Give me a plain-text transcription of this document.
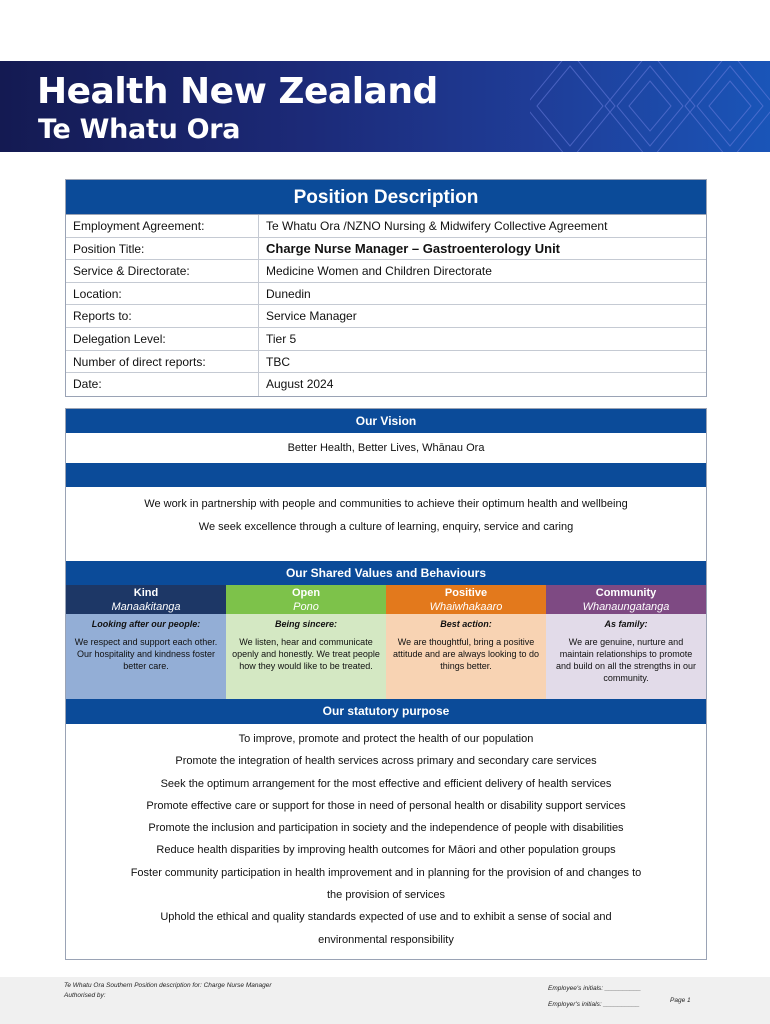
Health New Zealand
Te Whatu Ora
Position Description
Employment Agreement:	Te Whatu Ora /NZNO Nursing & Midwifery Collective Agreement
Position Title:	Charge Nurse Manager – Gastroenterology Unit
Service & Directorate:	Medicine Women and Children Directorate
Location:	Dunedin
Reports to:	Service Manager
Delegation Level:	Tier 5
Number of direct reports:	TBC
Date:	August 2024
Our Vision
Better Health, Better Lives, Whānau Ora
We work in partnership with people and communities to achieve their optimum health and wellbeing
We seek excellence through a culture of learning, enquiry, service and caring
Our Shared Values and Behaviours
Kind
Manaakitanga
Looking after our people:
We respect and support each other. Our hospitality and kindness foster better care.
Open
Pono
Being sincere:
We listen, hear and communicate openly and honestly. We treat people how they would like to be treated.
Positive
Whaiwhakaaro
Best action:
We are thoughtful, bring a positive attitude and are always looking to do things better.
Community
Whanaungatanga
As family:
We are genuine, nurture and maintain relationships to promote and build on all the strengths in our community.
Our statutory purpose
To improve, promote and protect the health of our population
Promote the integration of health services across primary and secondary care services
Seek the optimum arrangement for the most effective and efficient delivery of health services
Promote effective care or support for those in need of personal health or disability support services
Promote the inclusion and participation in society and the independence of people with disabilities
Reduce health disparities by improving health outcomes for Māori and other population groups
Foster community participation in health improvement and in planning for the provision of and changes to the provision of services
Uphold the ethical and quality standards expected of use and to exhibit a sense of social and environmental responsibility
Te Whatu Ora Southern Position description for: Charge Nurse Manager
Authorised by:
Employee's initials: __________
Employer's initials: __________
Page 1
